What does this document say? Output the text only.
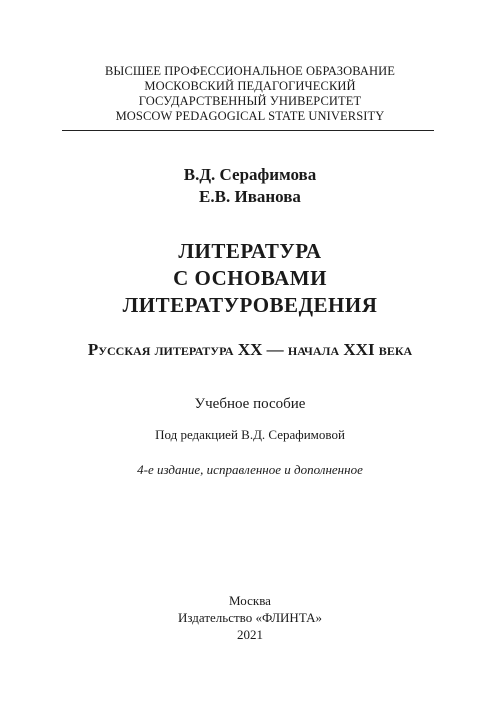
ВЫСШЕЕ ПРОФЕССИОНАЛЬНОЕ ОБРАЗОВАНИЕ
МОСКОВСКИЙ ПЕДАГОГИЧЕСКИЙ
ГОСУДАРСТВЕННЫЙ УНИВЕРСИТЕТ
MOSCOW PEDAGOGICAL STATE UNIVERSITY
В.Д. Серафимова
Е.В. Иванова
ЛИТЕРАТУРА
С ОСНОВАМИ
ЛИТЕРАТУРОВЕДЕНИЯ
Русская литература XX — начала XXI века
Учебное пособие
Под редакцией В.Д. Серафимовой
4-е издание, исправленное и дополненное
Москва
Издательство «ФЛИНТА»
2021
